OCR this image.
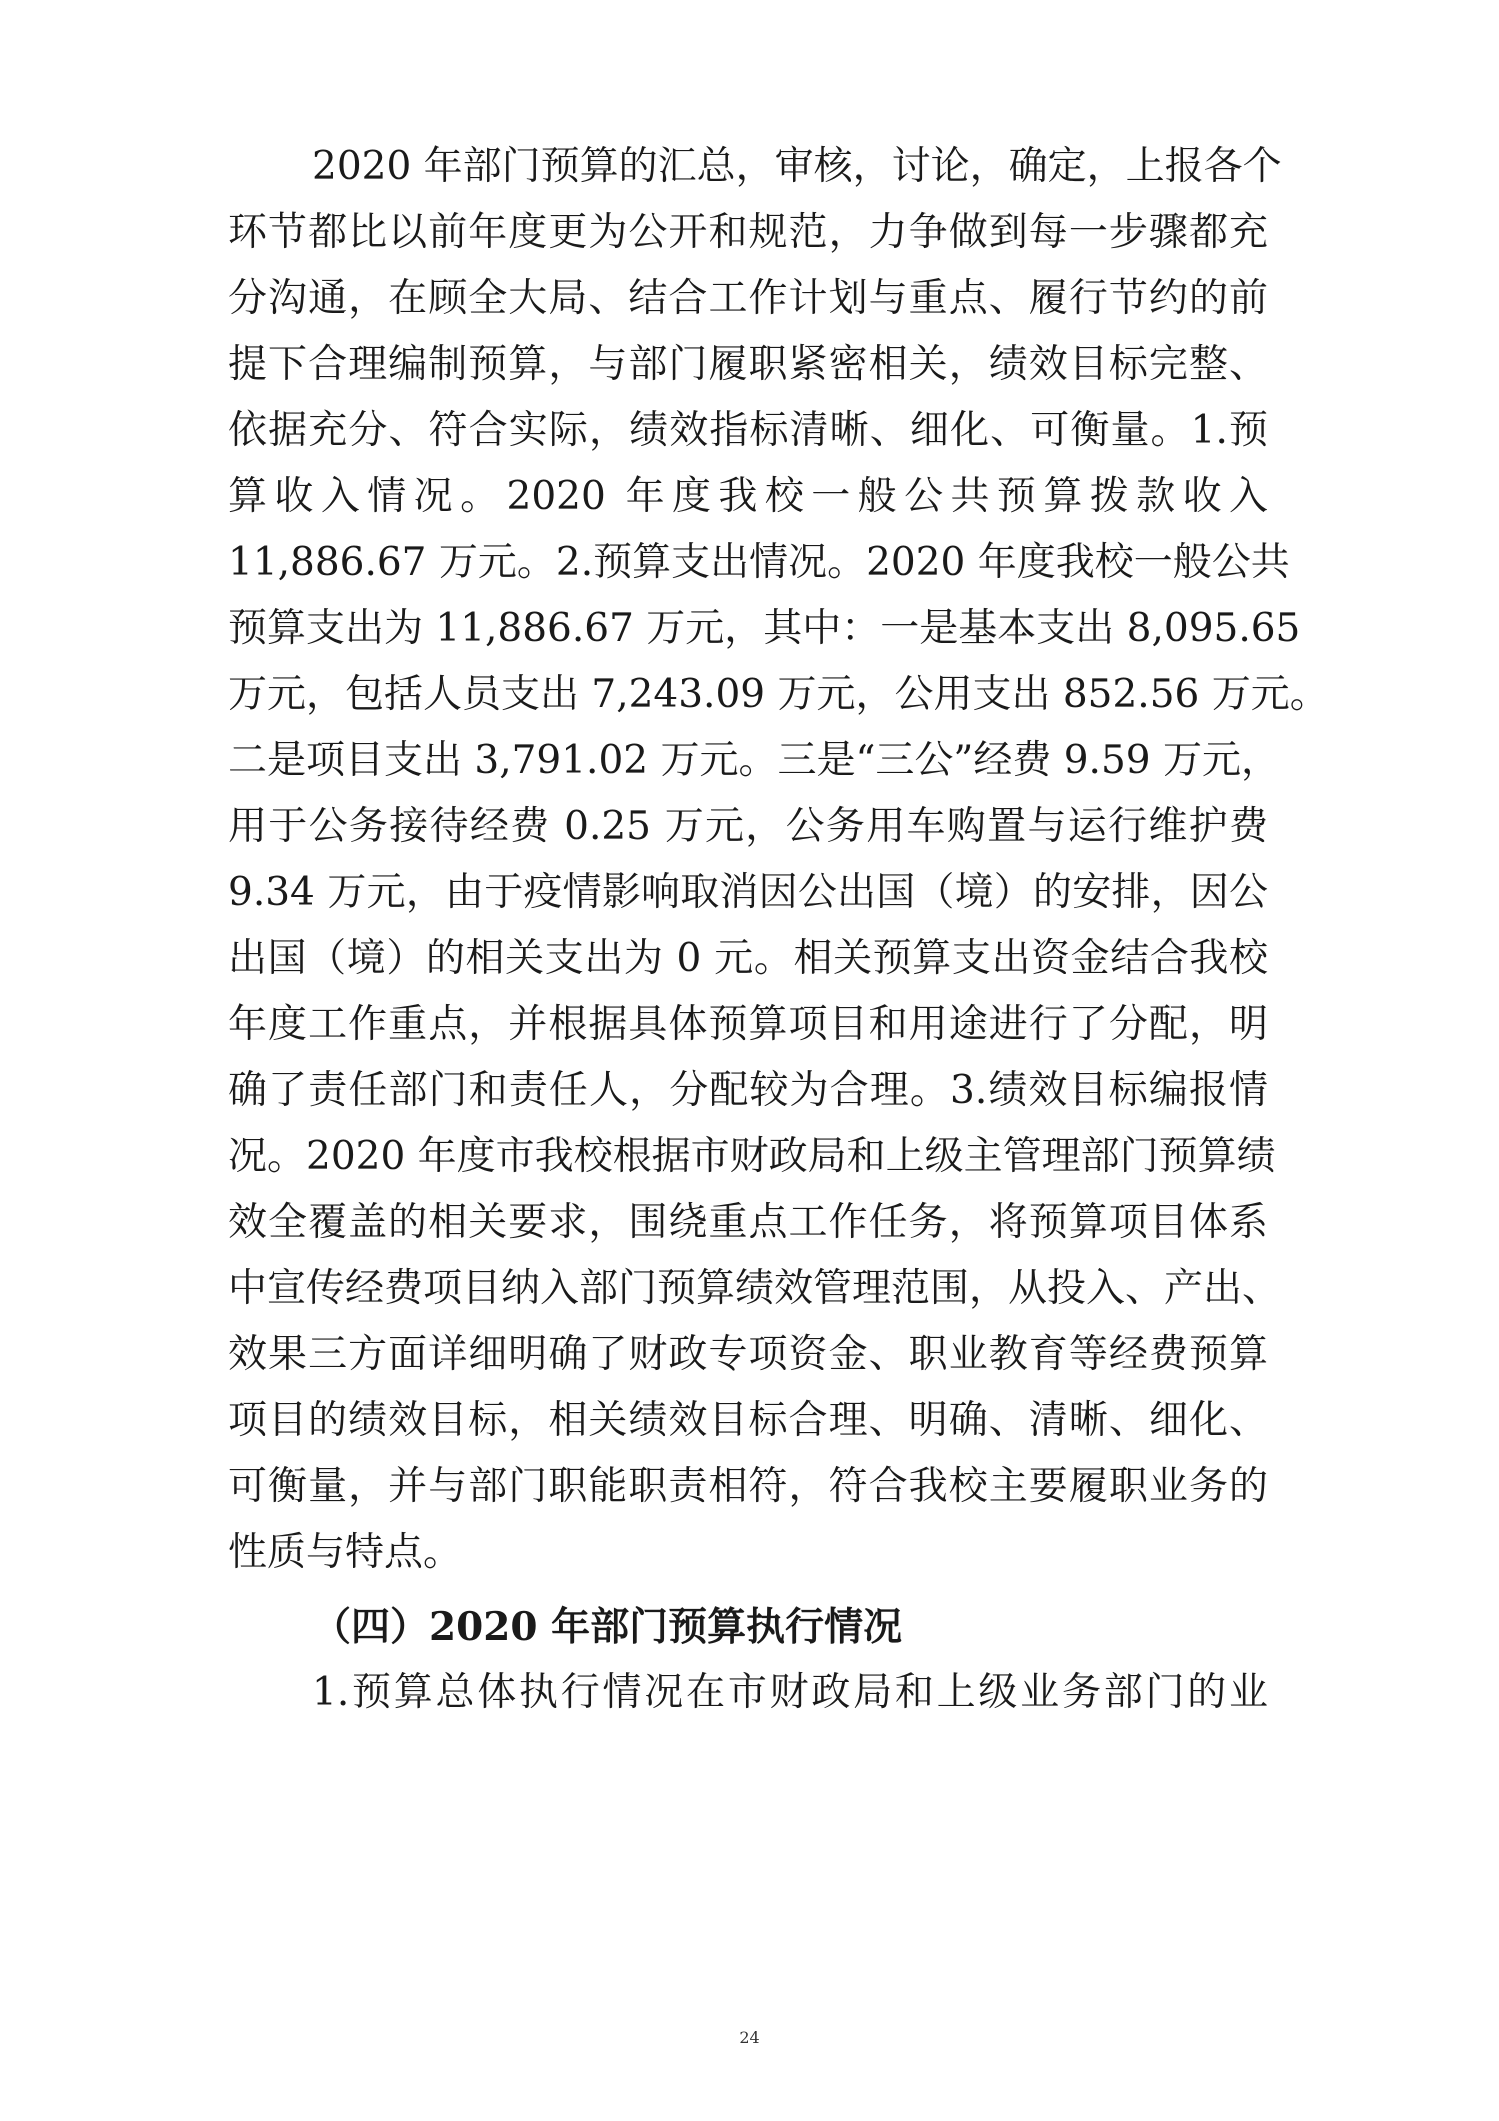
2020 年部门预算的汇总，审核，讨论，确定，上报各个
环节都比以前年度更为公开和规范，力争做到每一步骤都充
分沟通，在顾全大局、结合工作计划与重点、履行节约的前
提下合理编制预算，与部门履职紧密相关，绩效目标完整、
依据充分、符合实际，绩效指标清晰、细化、可衡量。1.预
算收入情况。2020 年度我校一般公共预算拨款收入
11,886.67 万元。2.预算支出情况。2020 年度我校一般公共
预算支出为 11,886.67 万元，其中：一是基本支出 8,095.65
万元，包括人员支出 7,243.09 万元，公用支出 852.56 万元。
二是项目支出 3,791.02 万元。三是“三公”经费 9.59 万元，
用于公务接待经费 0.25 万元，公务用车购置与运行维护费
9.34 万元，由于疫情影响取消因公出国（境）的安排，因公
出国（境）的相关支出为 0 元。相关预算支出资金结合我校
年度工作重点，并根据具体预算项目和用途进行了分配，明
确了责任部门和责任人，分配较为合理。3.绩效目标编报情
况。2020 年度市我校根据市财政局和上级主管理部门预算绩
效全覆盖的相关要求，围绕重点工作任务，将预算项目体系
中宣传经费项目纳入部门预算绩效管理范围，从投入、产出、
效果三方面详细明确了财政专项资金、职业教育等经费预算
项目的绩效目标，相关绩效目标合理、明确、清晰、细化、
可衡量，并与部门职能职责相符，符合我校主要履职业务的
性质与特点。
（四）2020 年部门预算执行情况
1.预算总体执行情况在市财政局和上级业务部门的业
24
